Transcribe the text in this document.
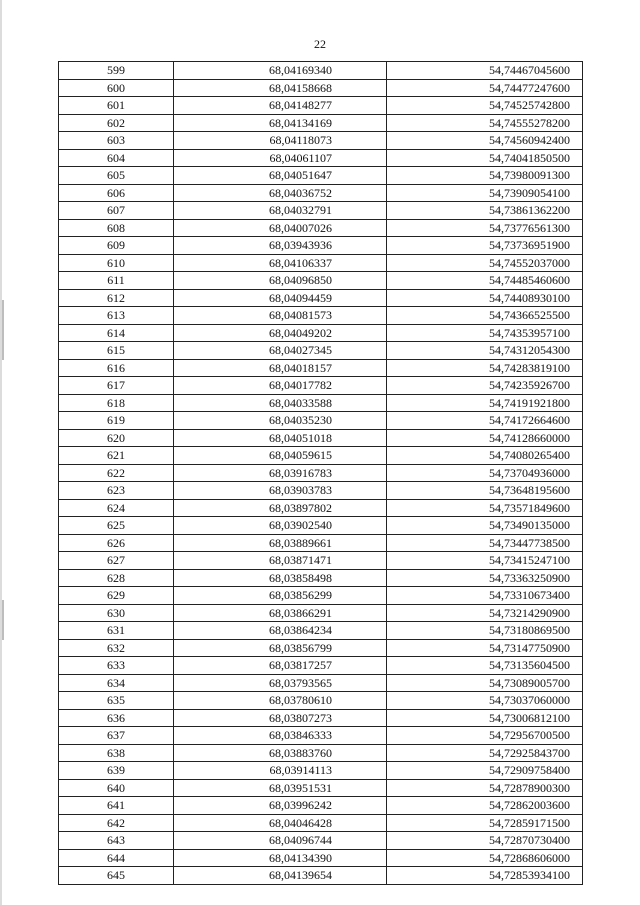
22
599	68,04169340	54,74467045600
600	68,04158668	54,74477247600
601	68,04148277	54,74525742800
602	68,04134169	54,74555278200
603	68,04118073	54,74560942400
604	68,04061107	54,74041850500
605	68,04051647	54,73980091300
606	68,04036752	54,73909054100
607	68,04032791	54,73861362200
608	68,04007026	54,73776561300
609	68,03943936	54,73736951900
610	68,04106337	54,74552037000
611	68,04096850	54,74485460600
612	68,04094459	54,74408930100
613	68,04081573	54,74366525500
614	68,04049202	54,74353957100
615	68,04027345	54,74312054300
616	68,04018157	54,74283819100
617	68,04017782	54,74235926700
618	68,04033588	54,74191921800
619	68,04035230	54,74172664600
620	68,04051018	54,74128660000
621	68,04059615	54,74080265400
622	68,03916783	54,73704936000
623	68,03903783	54,73648195600
624	68,03897802	54,73571849600
625	68,03902540	54,73490135000
626	68,03889661	54,73447738500
627	68,03871471	54,73415247100
628	68,03858498	54,73363250900
629	68,03856299	54,73310673400
630	68,03866291	54,73214290900
631	68,03864234	54,73180869500
632	68,03856799	54,73147750900
633	68,03817257	54,73135604500
634	68,03793565	54,73089005700
635	68,03780610	54,73037060000
636	68,03807273	54,73006812100
637	68,03846333	54,72956700500
638	68,03883760	54,72925843700
639	68,03914113	54,72909758400
640	68,03951531	54,72878900300
641	68,03996242	54,72862003600
642	68,04046428	54,72859171500
643	68,04096744	54,72870730400
644	68,04134390	54,72868606000
645	68,04139654	54,72853934100
